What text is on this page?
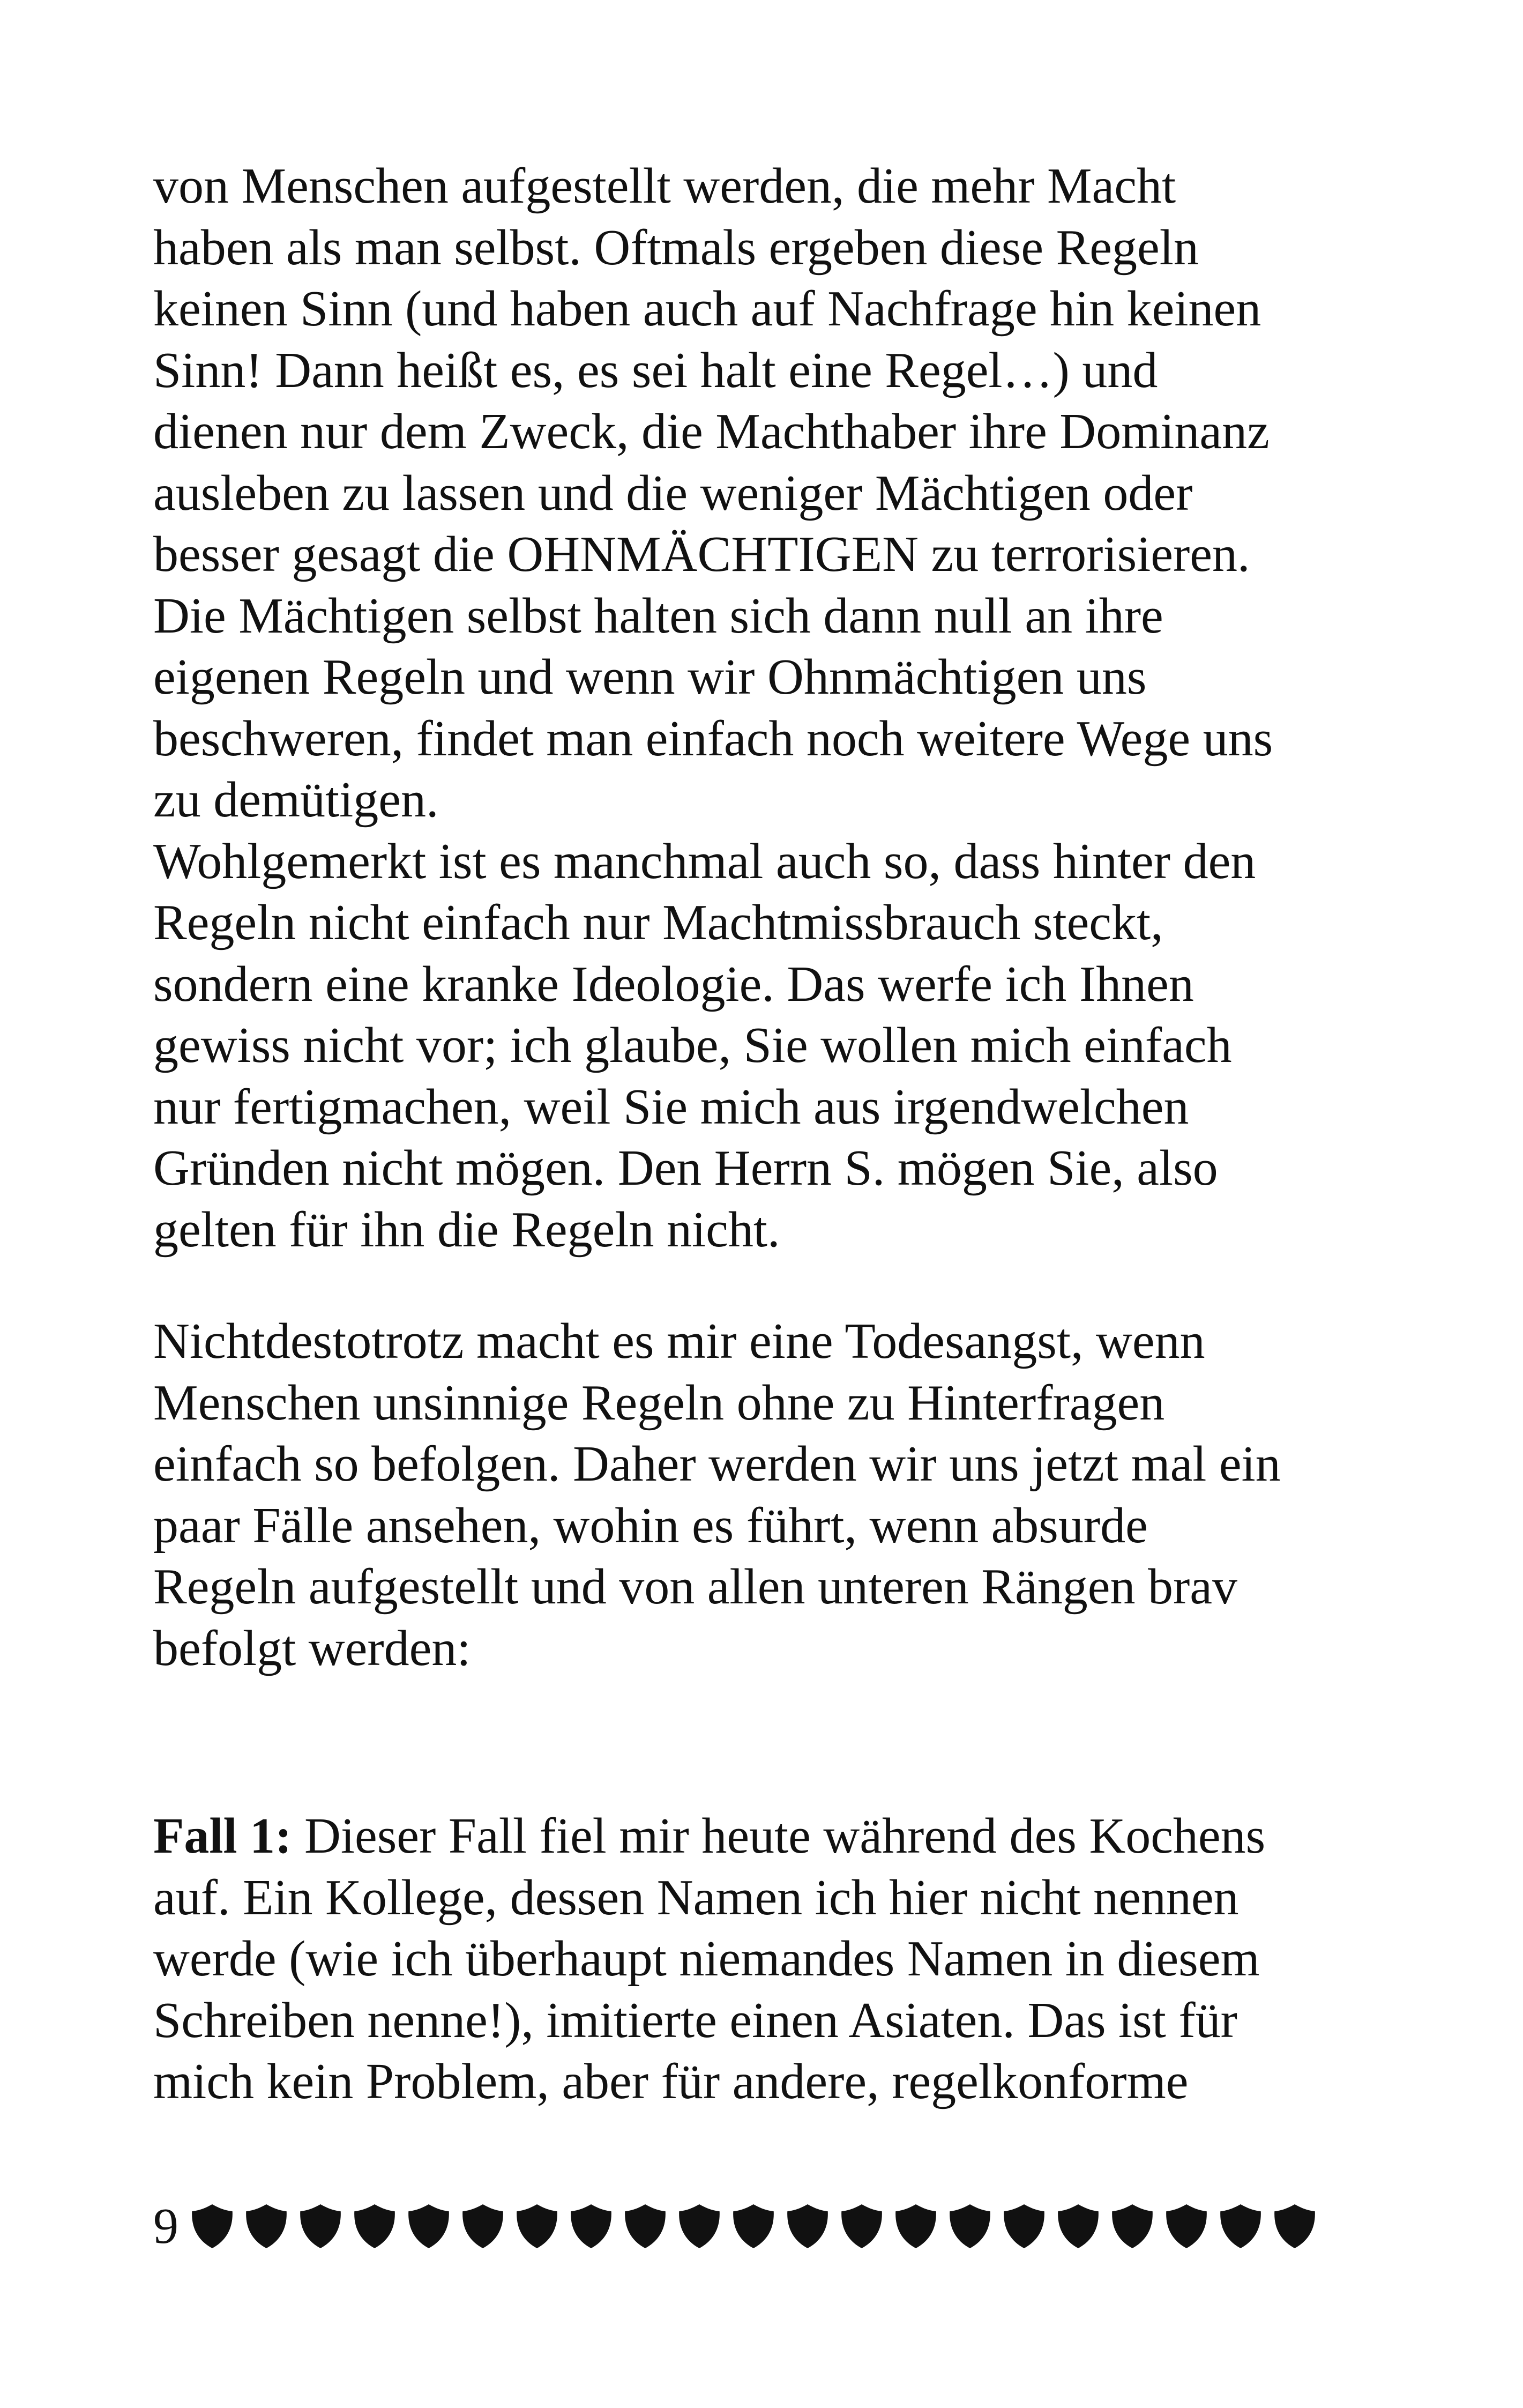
von Menschen aufgestellt werden, die mehr Macht
haben als man selbst. Oftmals ergeben diese Regeln
keinen Sinn (und haben auch auf Nachfrage hin keinen
Sinn! Dann heißt es, es sei halt eine Regel…) und
dienen nur dem Zweck, die Machthaber ihre Dominanz
ausleben zu lassen und die weniger Mächtigen oder
besser gesagt die OHNMÄCHTIGEN zu terrorisieren.
Die Mächtigen selbst halten sich dann null an ihre
eigenen Regeln und wenn wir Ohnmächtigen uns
beschweren, findet man einfach noch weitere Wege uns
zu demütigen.
Wohlgemerkt ist es manchmal auch so, dass hinter den
Regeln nicht einfach nur Machtmissbrauch steckt,
sondern eine kranke Ideologie. Das werfe ich Ihnen
gewiss nicht vor; ich glaube, Sie wollen mich einfach
nur fertigmachen, weil Sie mich aus irgendwelchen
Gründen nicht mögen. Den Herrn S. mögen Sie, also
gelten für ihn die Regeln nicht.

Nichtdestotrotz macht es mir eine Todesangst, wenn
Menschen unsinnige Regeln ohne zu Hinterfragen
einfach so befolgen. Daher werden wir uns jetzt mal ein
paar Fälle ansehen, wohin es führt, wenn absurde
Regeln aufgestellt und von allen unteren Rängen brav
befolgt werden:

Fall 1: Dieser Fall fiel mir heute während des Kochens
auf. Ein Kollege, dessen Namen ich hier nicht nennen
werde (wie ich überhaupt niemandes Namen in diesem
Schreiben nenne!), imitierte einen Asiaten. Das ist für
mich kein Problem, aber für andere, regelkonforme

9
